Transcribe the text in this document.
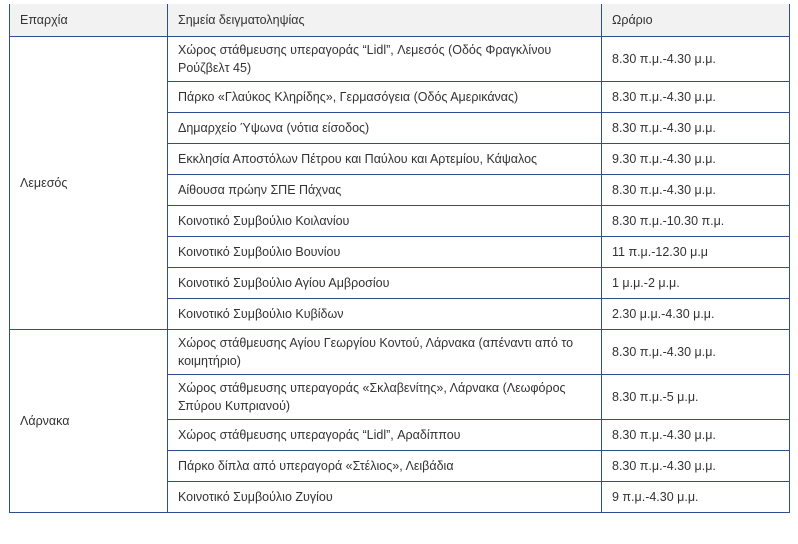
Επαρχία	Σημεία δειγματοληψίας	Ωράριο
Λεμεσός	Χώρος στάθμευσης υπεραγοράς “Lidl”, Λεμεσός (Οδός Φραγκλίνου Ρούζβελτ 45)	8.30 π.μ.-4.30 μ.μ.
	Πάρκο «Γλαύκος Κληρίδης», Γερμασόγεια (Οδός Αμερικάνας)	8.30 π.μ.-4.30 μ.μ.
	Δημαρχείο Ύψωνα (νότια είσοδος)	8.30 π.μ.-4.30 μ.μ.
	Εκκλησία Αποστόλων Πέτρου και Παύλου και Αρτεμίου, Κάψαλος	9.30 π.μ.-4.30 μ.μ.
	Αίθουσα πρώην ΣΠΕ Πάχνας	8.30 π.μ.-4.30 μ.μ.
	Κοινοτικό Συμβούλιο Κοιλανίου	8.30 π.μ.-10.30 π.μ.
	Κοινοτικό Συμβούλιο Βουνίου	11 π.μ.-12.30 μ.μ
	Κοινοτικό Συμβούλιο Αγίου Αμβροσίου	1 μ.μ.-2 μ.μ.
	Κοινοτικό Συμβούλιο Κυβίδων	2.30 μ.μ.-4.30 μ.μ.
Λάρνακα	Χώρος στάθμευσης Αγίου Γεωργίου Κοντού, Λάρνακα (απέναντι από το κοιμητήριο)	8.30 π.μ.-4.30 μ.μ.
	Χώρος στάθμευσης υπεραγοράς «Σκλαβενίτης», Λάρνακα (Λεωφόρος Σπύρου Κυπριανού)	8.30 π.μ.-5 μ.μ.
	Χώρος στάθμευσης υπεραγοράς “Lidl”, Αραδίππου	8.30 π.μ.-4.30 μ.μ.
	Πάρκο δίπλα από υπεραγορά «Στέλιος», Λειβάδια	8.30 π.μ.-4.30 μ.μ.
	Κοινοτικό Συμβούλιο Ζυγίου	9 π.μ.-4.30 μ.μ.
